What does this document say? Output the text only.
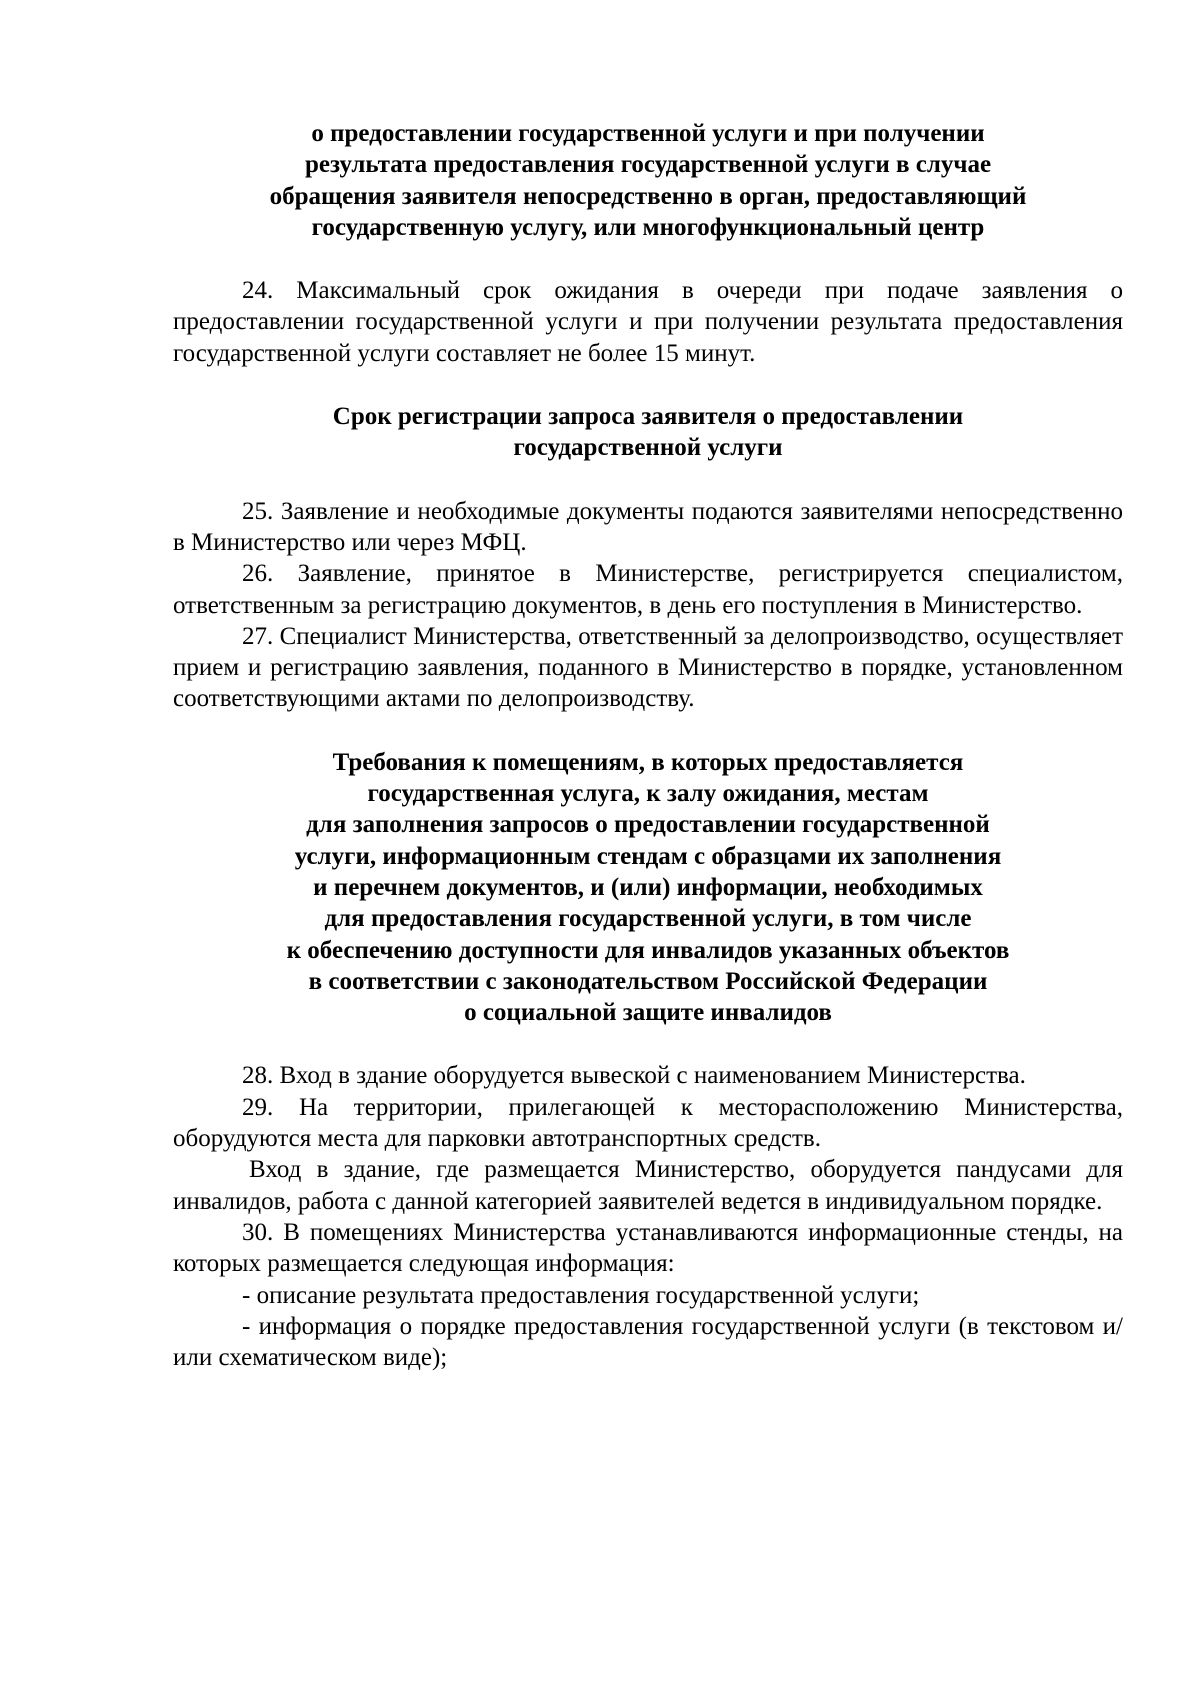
о предоставлении государственной услуги и при получении
результата предоставления государственной услуги в случае
обращения заявителя непосредственно в орган, предоставляющий
государственную услугу, или многофункциональный центр

24. Максимальный срок ожидания в очереди при подаче заявления о предоставлении государственной услуги и при получении результата предоставления государственной услуги составляет не более 15 минут.

Срок регистрации запроса заявителя о предоставлении
государственной услуги

25. Заявление и необходимые документы подаются заявителями непосредственно в Министерство или через МФЦ.

26. Заявление, принятое в Министерстве, регистрируется специалистом, ответственным за регистрацию документов, в день его поступления в Министерство.

27. Специалист Министерства, ответственный за делопроизводство, осуществляет прием и регистрацию заявления, поданного в Министерство в порядке, установленном соответствующими актами по делопроизводству.

Требования к помещениям, в которых предоставляется
государственная услуга, к залу ожидания, местам
для заполнения запросов о предоставлении государственной
услуги, информационным стендам с образцами их заполнения
и перечнем документов, и (или) информации, необходимых
для предоставления государственной услуги, в том числе
к обеспечению доступности для инвалидов указанных объектов
в соответствии с законодательством Российской Федерации
о социальной защите инвалидов

28. Вход в здание оборудуется вывеской с наименованием Министерства.

29. На территории, прилегающей к месторасположению Министерства, оборудуются места для парковки автотранспортных средств.

Вход в здание, где размещается Министерство, оборудуется пандусами для инвалидов, работа с данной категорией заявителей ведется в индивидуальном порядке.

30. В помещениях Министерства устанавливаются информационные стенды, на которых размещается следующая информация:

- описание результата предоставления государственной услуги;

- информация о порядке предоставления государственной услуги (в текстовом и/или схематическом виде);
